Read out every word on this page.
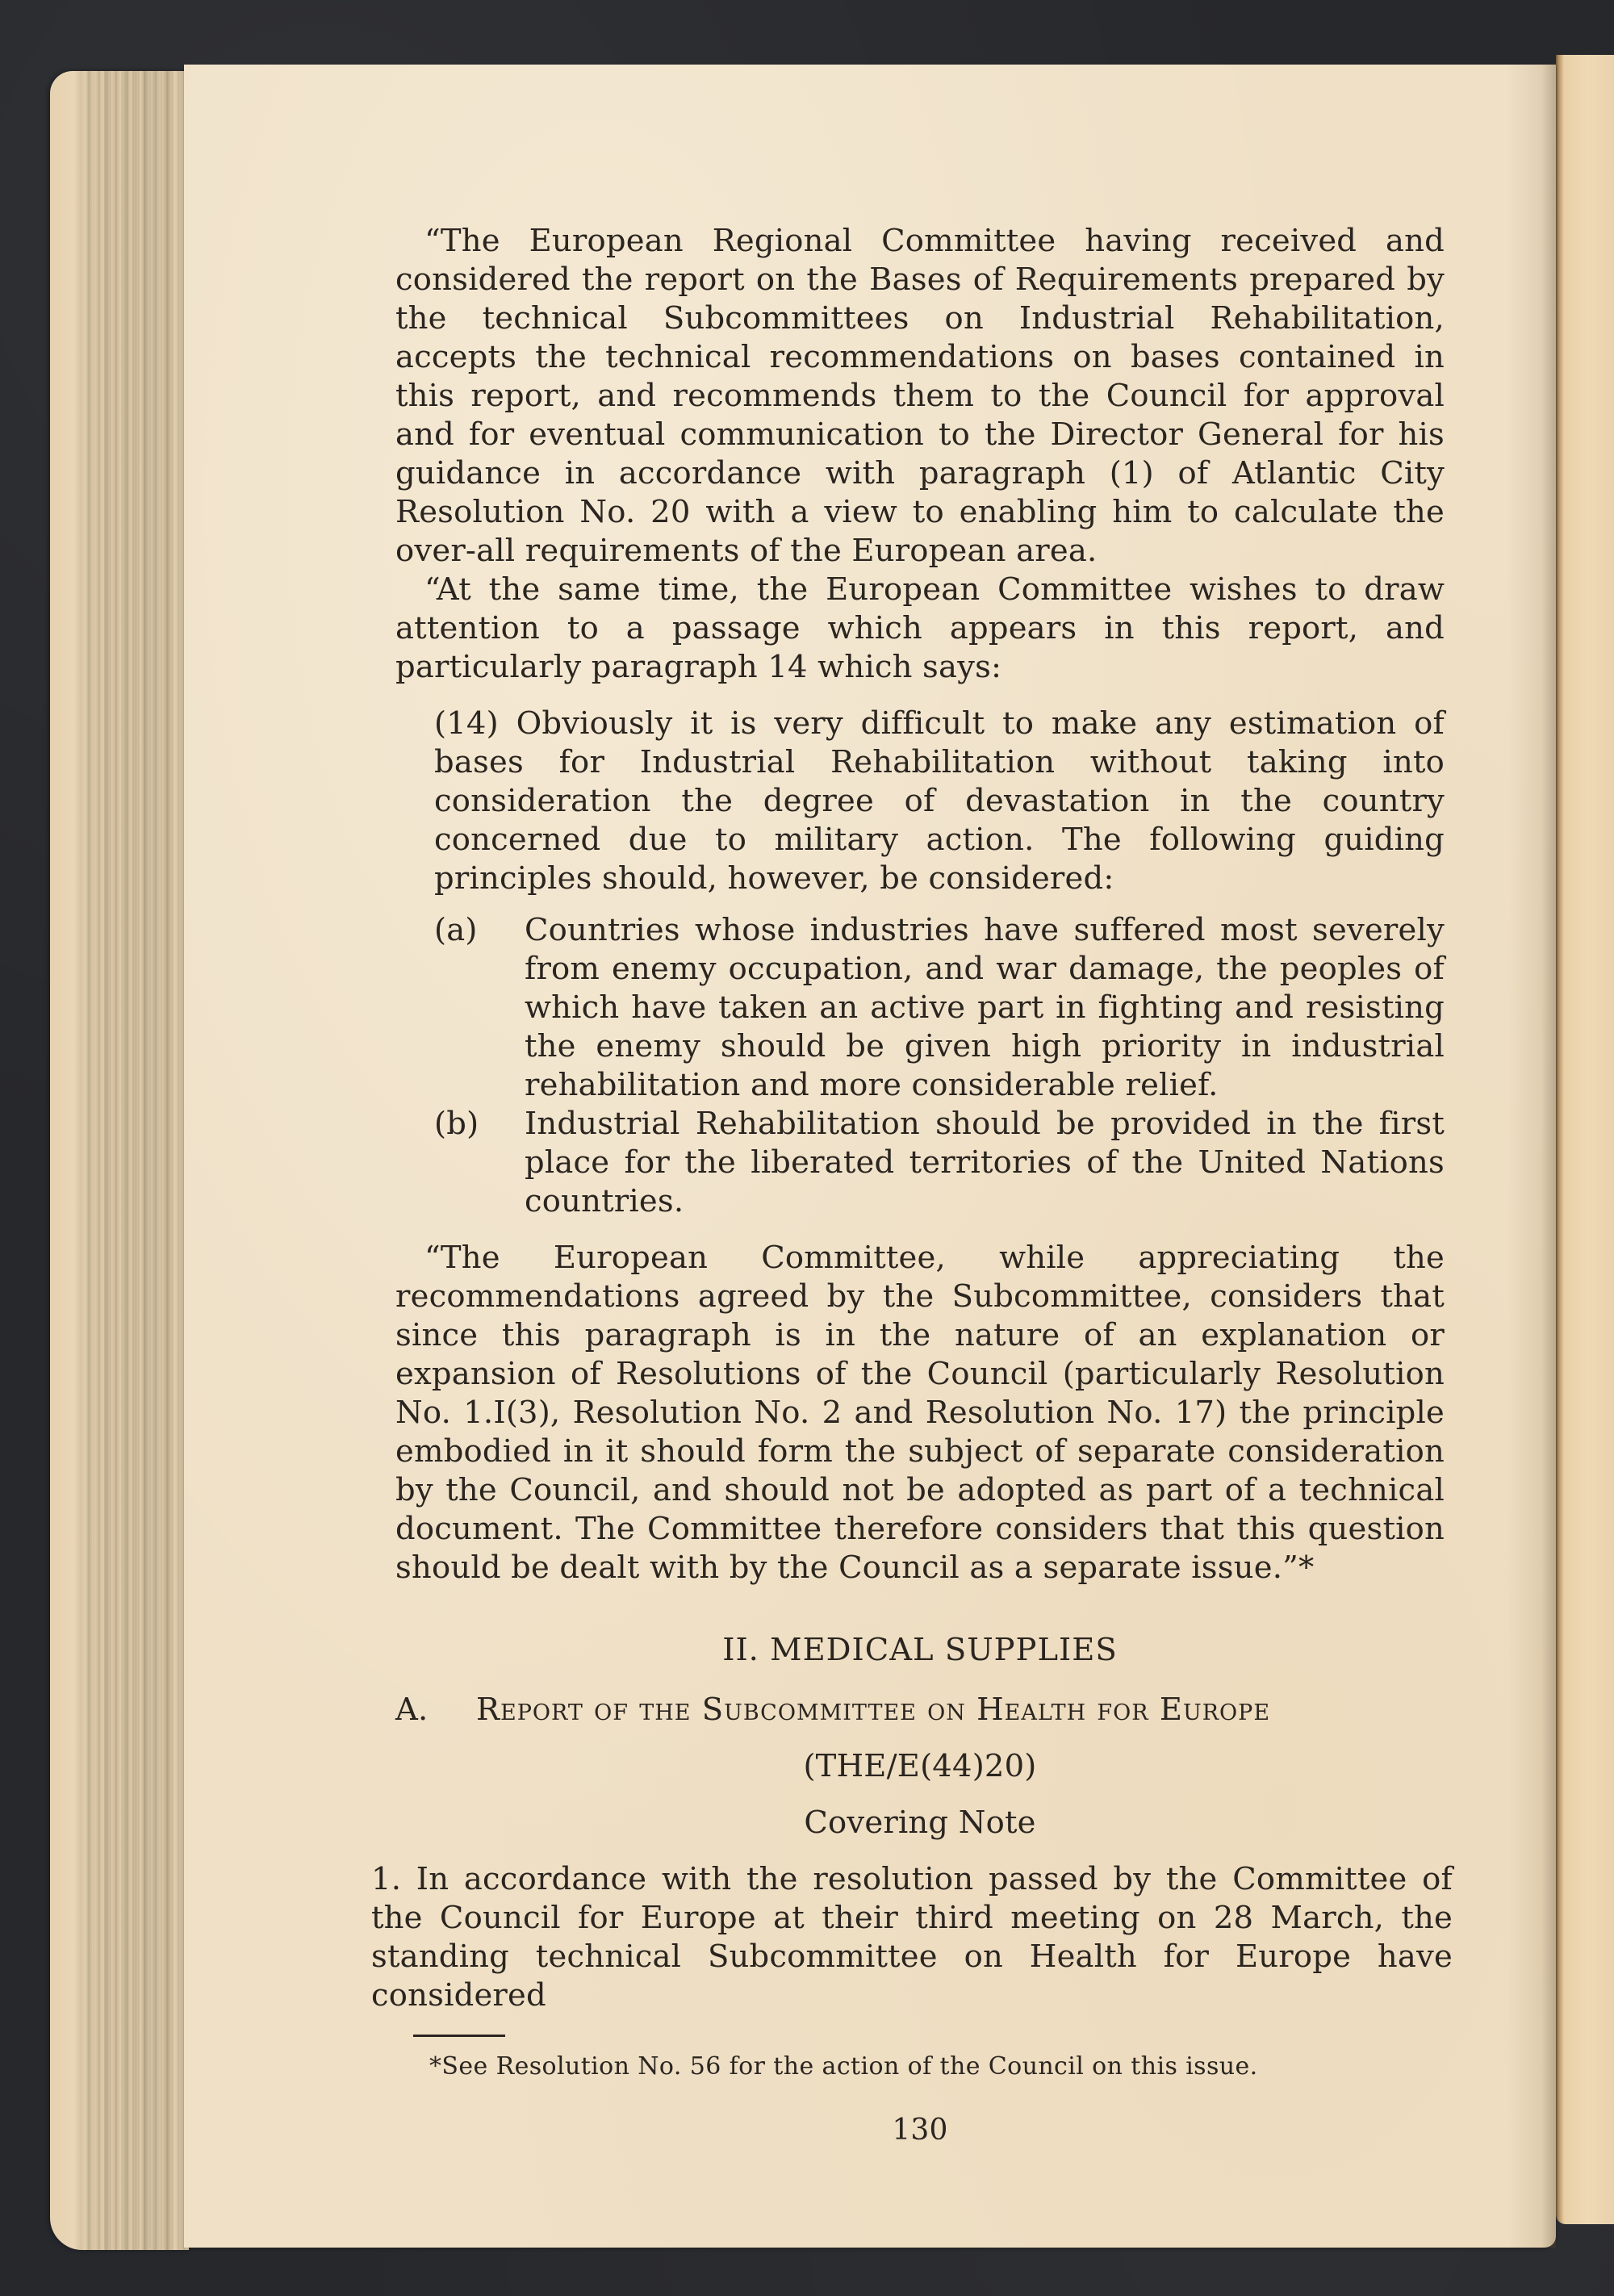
“The European Regional Committee having received and considered the report on the Bases of Requirements prepared by the technical Subcommittees on Industrial Rehabilitation, accepts the technical recommendations on bases contained in this report, and recommends them to the Council for approval and for eventual communication to the Director General for his guidance in accordance with paragraph (1) of Atlantic City Resolution No. 20 with a view to enabling him to calculate the over-all requirements of the European area.

“At the same time, the European Committee wishes to draw attention to a passage which appears in this report, and particularly paragraph 14 which says:

(14) Obviously it is very difficult to make any estimation of bases for Industrial Rehabilitation without taking into consideration the degree of devastation in the country concerned due to military action. The following guiding principles should, however, be considered:

(a)	Countries whose industries have suffered most severely from enemy occupation, and war damage, the peoples of which have taken an active part in fighting and resisting the enemy should be given high priority in industrial rehabilitation and more considerable relief.
(b)	Industrial Rehabilitation should be provided in the first place for the liberated territories of the United Nations countries.

“The European Committee, while appreciating the recommendations agreed by the Subcommittee, considers that since this paragraph is in the nature of an explanation or expansion of Resolutions of the Council (particularly Resolution No. 1.I(3), Resolution No. 2 and Resolution No. 17) the principle embodied in it should form the subject of separate consideration by the Council, and should not be adopted as part of a technical document. The Committee therefore considers that this question should be dealt with by the Council as a separate issue.”*

II. MEDICAL SUPPLIES
A.	Report of the Subcommittee on Health for Europe
(THE/E(44)20)
Covering Note

1. In accordance with the resolution passed by the Committee of the Council for Europe at their third meeting on 28 March, the standing technical Subcommittee on Health for Europe have considered

*See Resolution No. 56 for the action of the Council on this issue.
130
